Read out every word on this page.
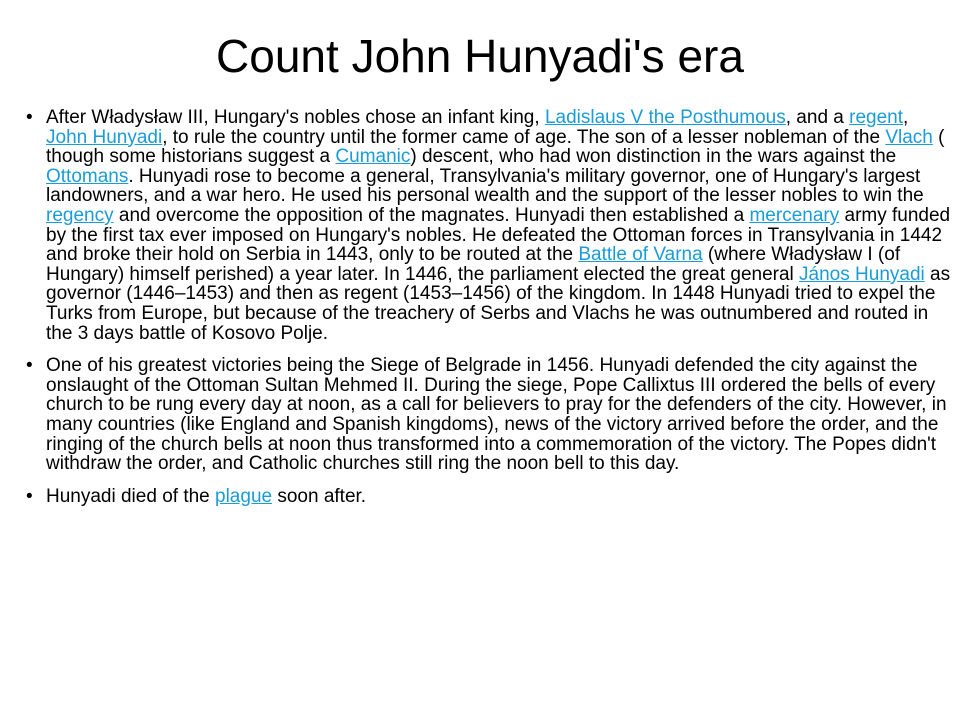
Count John Hunyadi's era
• After Władysław III, Hungary's nobles chose an infant king, Ladislaus V the Posthumous, and a regent, John Hunyadi, to rule the country until the former came of age. The son of a lesser nobleman of the Vlach ( though some historians suggest a Cumanic) descent, who had won distinction in the wars against the Ottomans. Hunyadi rose to become a general, Transylvania's military governor, one of Hungary's largest landowners, and a war hero. He used his personal wealth and the support of the lesser nobles to win the regency and overcome the opposition of the magnates. Hunyadi then established a mercenary army funded by the first tax ever imposed on Hungary's nobles. He defeated the Ottoman forces in Transylvania in 1442 and broke their hold on Serbia in 1443, only to be routed at the Battle of Varna (where Władysław I (of Hungary) himself perished) a year later. In 1446, the parliament elected the great general János Hunyadi as governor (1446–1453) and then as regent (1453–1456) of the kingdom. In 1448 Hunyadi tried to expel the Turks from Europe, but because of the treachery of Serbs and Vlachs he was outnumbered and routed in the 3 days battle of Kosovo Polje.
• One of his greatest victories being the Siege of Belgrade in 1456. Hunyadi defended the city against the onslaught of the Ottoman Sultan Mehmed II. During the siege, Pope Callixtus III ordered the bells of every church to be rung every day at noon, as a call for believers to pray for the defenders of the city. However, in many countries (like England and Spanish kingdoms), news of the victory arrived before the order, and the ringing of the church bells at noon thus transformed into a commemoration of the victory. The Popes didn't withdraw the order, and Catholic churches still ring the noon bell to this day.
• Hunyadi died of the plague soon after.
